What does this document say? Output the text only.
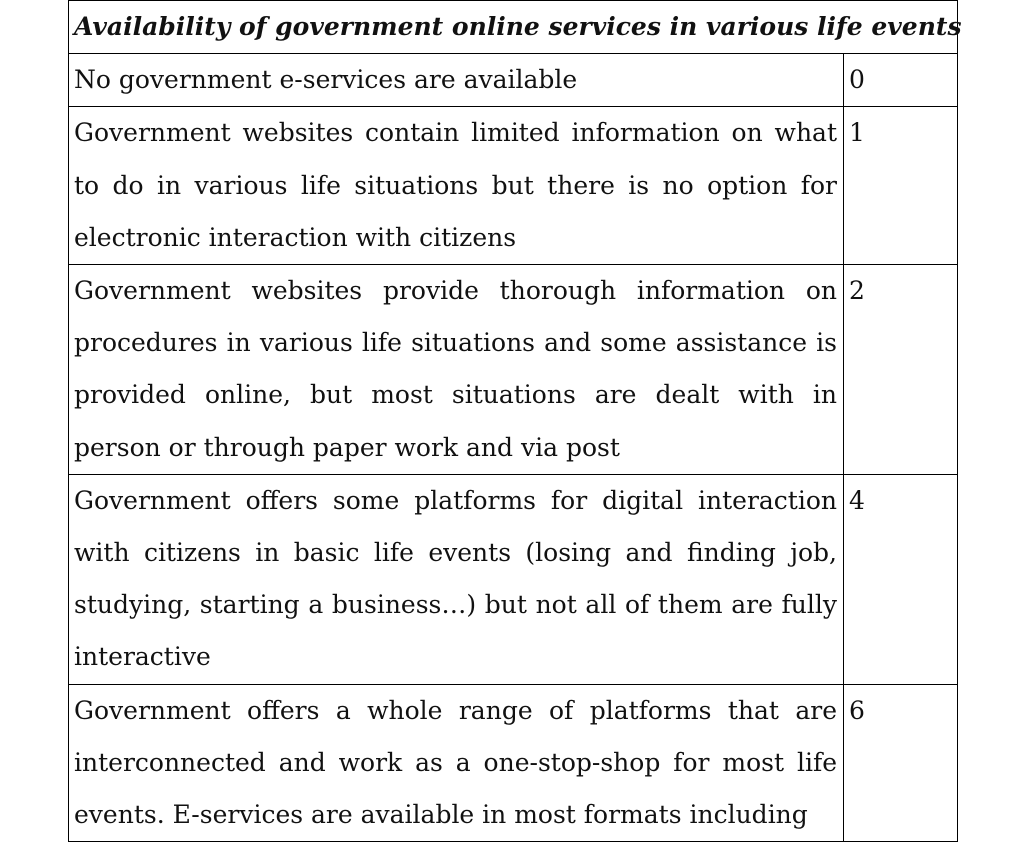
Availability of government online services in various life events	
No government e-services are available	0
Government websites contain limited information on what to do in various life situations but there is no option for electronic interaction with citizens	1
Government websites provide thorough information on procedures in various life situations and some assistance is provided online, but most situations are dealt with in person or through paper work and via post	2
Government offers some platforms for digital interaction with citizens in basic life events (losing and finding job, studying, starting a business…) but not all of them are fully interactive	4
Government offers a whole range of platforms that are interconnected and work as a one-stop-shop for most life events. E-services are available in most formats including	6
